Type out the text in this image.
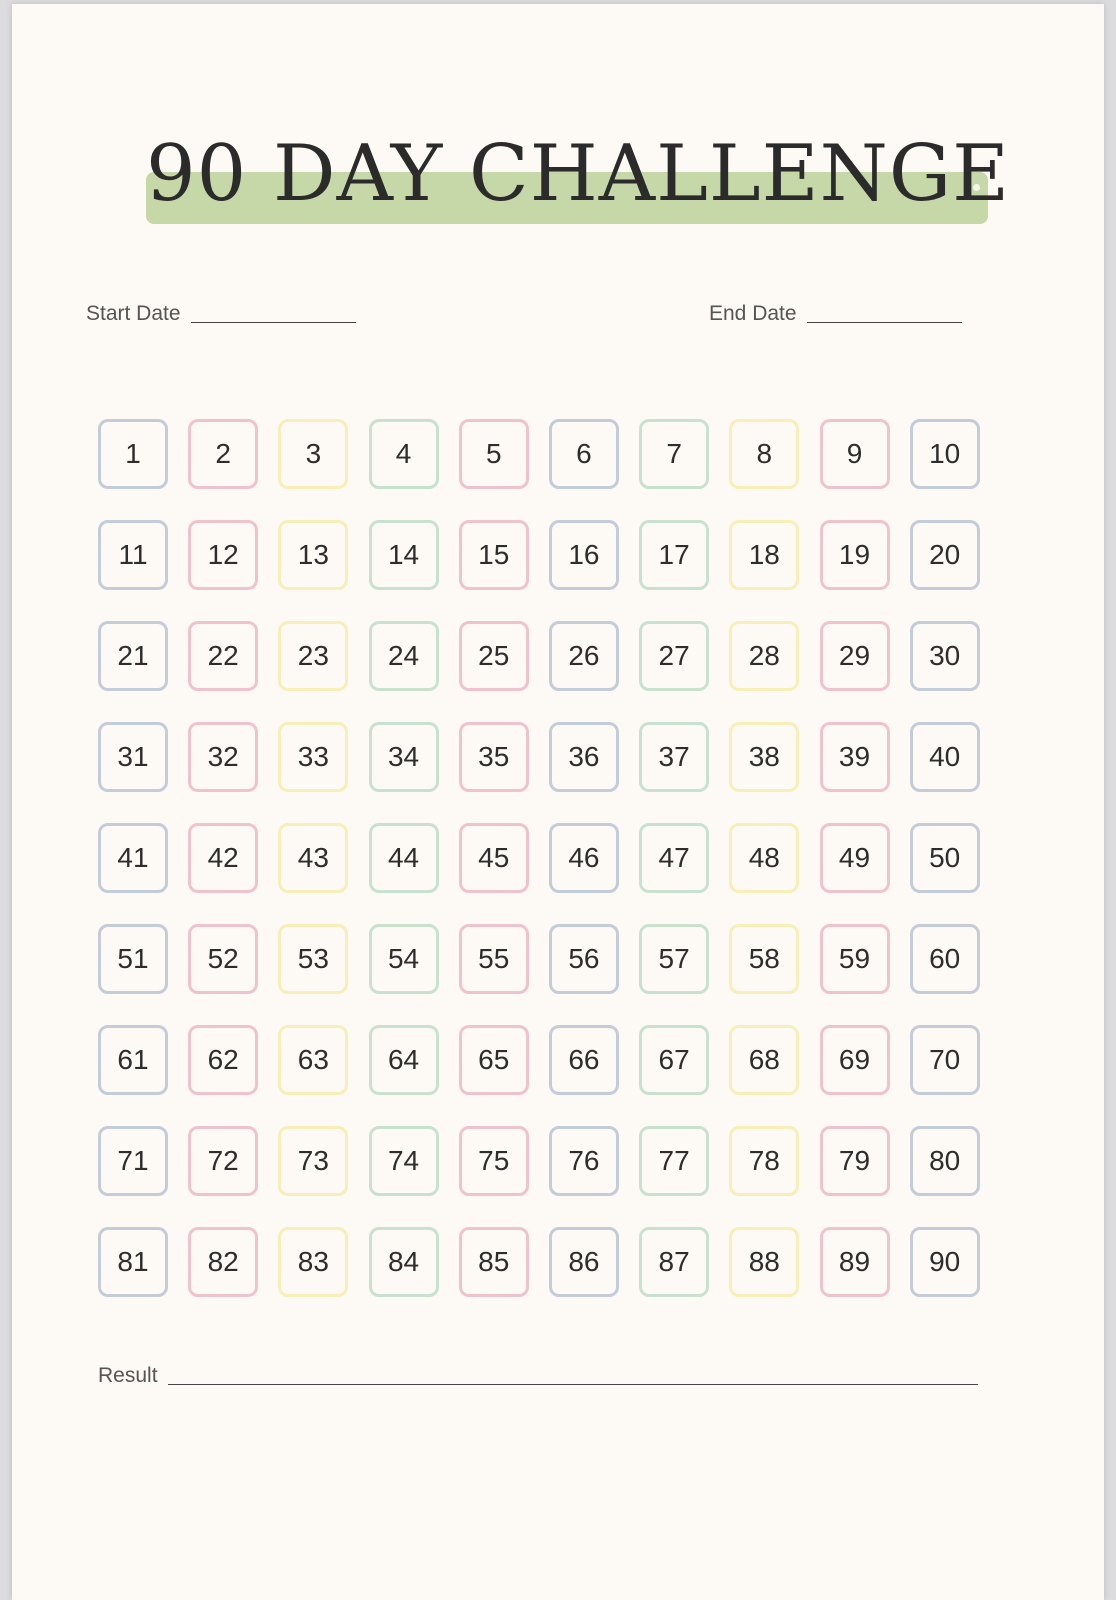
90 DAY CHALLENGE
Start Date	End Date
1	2	3	4	5	6	7	8	9	10
11	12	13	14	15	16	17	18	19	20
21	22	23	24	25	26	27	28	29	30
31	32	33	34	35	36	37	38	39	40
41	42	43	44	45	46	47	48	49	50
51	52	53	54	55	56	57	58	59	60
61	62	63	64	65	66	67	68	69	70
71	72	73	74	75	76	77	78	79	80
81	82	83	84	85	86	87	88	89	90
Result
